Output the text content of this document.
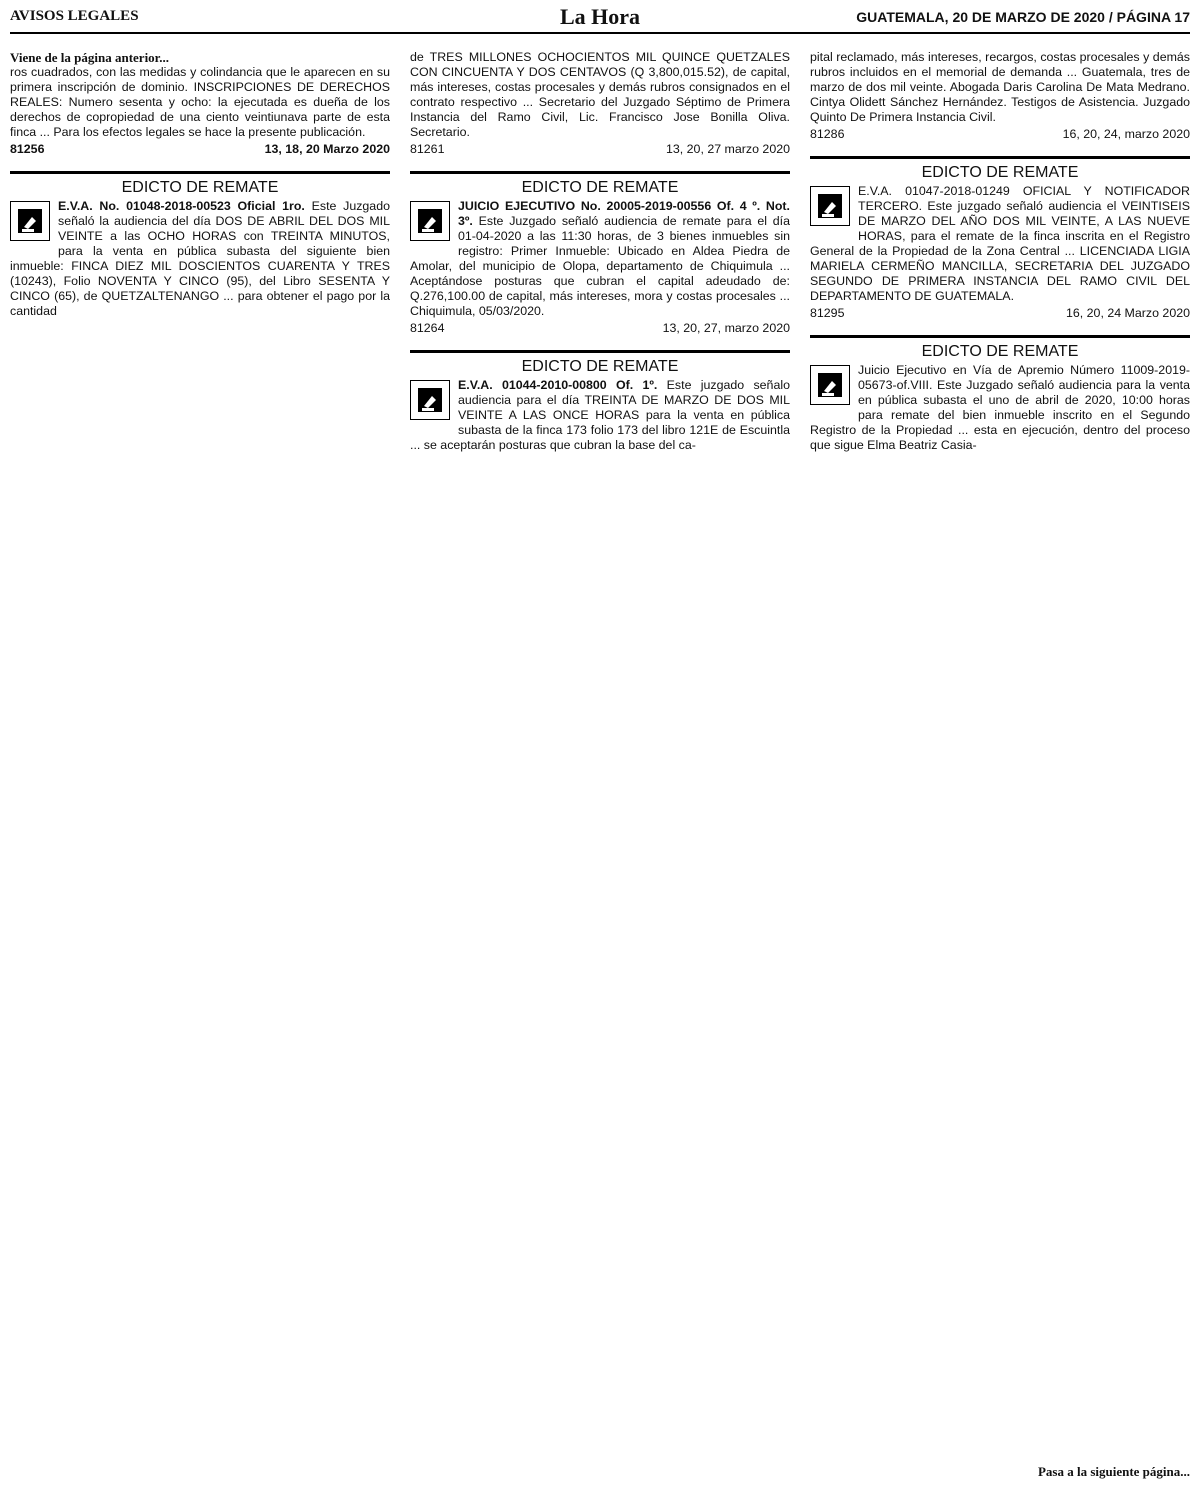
AVISOS LEGALES	La Hora	GUATEMALA, 20 DE MARZO DE 2020 / PÁGINA 17

Viene de la página anterior...

ros cuadrados, con las medidas y colindancia que le aparecen en su primera inscripción de dominio. INSCRIPCIONES DE DERECHOS REALES: Numero sesenta y ocho: la ejecutada es dueña de los derechos de copropiedad de una ciento veintiunava parte de esta finca ... Para los efectos legales se hace la presente publicación.

81256	13, 18, 20 Marzo 2020
EDICTO DE REMATE

E.V.A. No. 01048-2018-00523 Oficial 1ro. Este Juzgado señaló la audiencia del día DOS DE ABRIL DEL DOS MIL VEINTE a las OCHO HORAS con TREINTA MINUTOS, para la venta en pública subasta del siguiente bien inmueble: FINCA DIEZ MIL DOSCIENTOS CUARENTA Y TRES (10243), Folio NOVENTA Y CINCO (95), del Libro SESENTA Y CINCO (65), de QUETZALTENANGO ... para obtener el pago por la cantidad

de TRES MILLONES OCHOCIENTOS MIL QUINCE QUETZALES CON CINCUENTA Y DOS CENTAVOS (Q 3,800,015.52), de capital, más intereses, costas procesales y demás rubros consignados en el contrato respectivo ... Secretario del Juzgado Séptimo de Primera Instancia del Ramo Civil, Lic. Francisco Jose Bonilla Oliva. Secretario.

81261	13, 20, 27 marzo 2020
EDICTO DE REMATE

JUICIO EJECUTIVO No. 20005-2019-00556 Of. 4 º. Not. 3º. Este Juzgado señaló audiencia de remate para el día 01-04-2020 a las 11:30 horas, de 3 bienes inmuebles sin registro: Primer Inmueble: Ubicado en Aldea Piedra de Amolar, del municipio de Olopa, departamento de Chiquimula ... Aceptándose posturas que cubran el capital adeudado de: Q.276,100.00 de capital, más intereses, mora y costas procesales ... Chiquimula, 05/03/2020.

81264	13, 20, 27, marzo 2020
EDICTO DE REMATE

E.V.A. 01044-2010-00800 Of. 1º. Este juzgado señalo audiencia para el día TREINTA DE MARZO DE DOS MIL VEINTE A LAS ONCE HORAS para la venta en pública subasta de la finca 173 folio 173 del libro 121E de Escuintla ... se aceptarán posturas que cubran la base del ca-

pital reclamado, más intereses, recargos, costas procesales y demás rubros incluidos en el memorial de demanda ... Guatemala, tres de marzo de dos mil veinte. Abogada Daris Carolina De Mata Medrano. Cintya Olidett Sánchez Hernández. Testigos de Asistencia. Juzgado Quinto De Primera Instancia Civil.

81286	16, 20, 24, marzo 2020
EDICTO DE REMATE

E.V.A. 01047-2018-01249 OFICIAL Y NOTIFICADOR TERCERO. Este juzgado señaló audiencia el VEINTISEIS DE MARZO DEL AÑO DOS MIL VEINTE, A LAS NUEVE HORAS, para el remate de la finca inscrita en el Registro General de la Propiedad de la Zona Central ... LICENCIADA LIGIA MARIELA CERMEÑO MANCILLA, SECRETARIA DEL JUZGADO SEGUNDO DE PRIMERA INSTANCIA DEL RAMO CIVIL DEL DEPARTAMENTO DE GUATEMALA.

81295	16, 20, 24 Marzo 2020
EDICTO DE REMATE

Juicio Ejecutivo en Vía de Apremio Número 11009-2019-05673-of.VIII. Este Juzgado señaló audiencia para la venta en pública subasta el uno de abril de 2020, 10:00 horas para remate del bien inmueble inscrito en el Segundo Registro de la Propiedad ... esta en ejecución, dentro del proceso que sigue Elma Beatriz Casia-

Pasa a la siguiente página...
